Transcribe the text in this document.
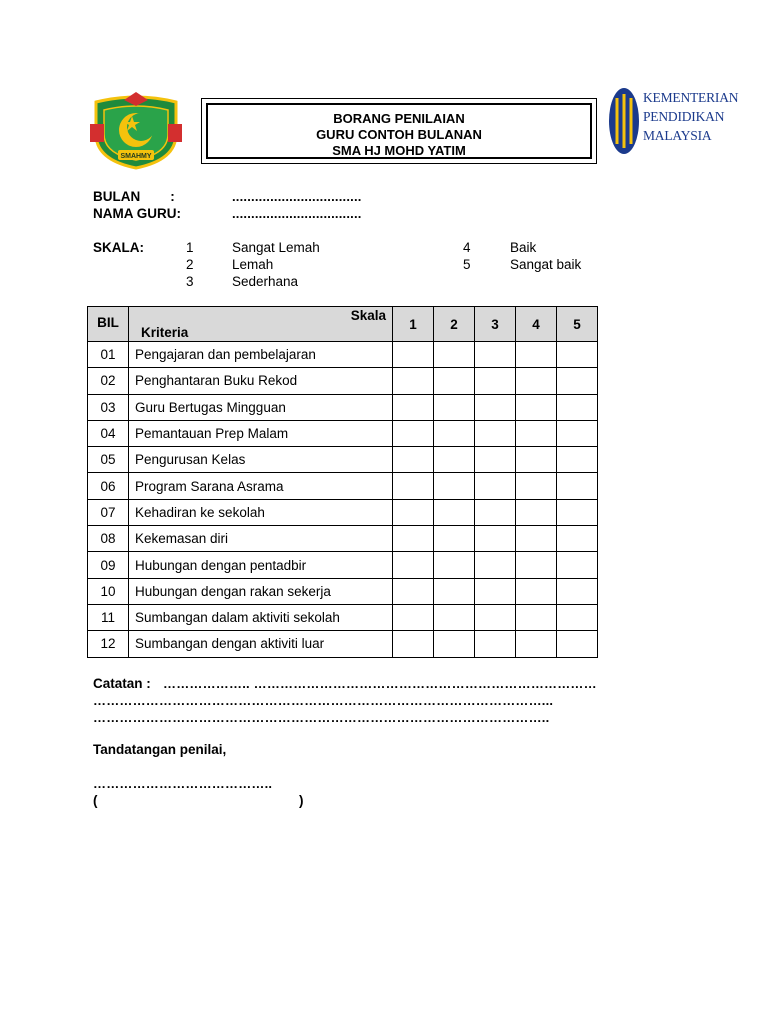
SMAHMY
BORANG PENILAIAN
GURU CONTOH BULANAN
SMA HJ MOHD YATIM
KEMENTERIAN
PENDIDIKAN
MALAYSIA
BULAN        :	..................................
NAMA GURU:	..................................
SKALA:	1	Sangat Lemah
2	Lemah
3	Sederhana
4	Baik
5	Sangat baik
BIL	Skala
Kriteria	1	2	3	4	5
01	Pengajaran dan pembelajaran					
02	Penghantaran Buku Rekod					
03	Guru Bertugas Mingguan					
04	Pemantauan Prep Malam					
05	Pengurusan Kelas					
06	Program Sarana Asrama					
07	Kehadiran ke sekolah					
08	Kekemasan diri					
09	Hubungan dengan pentadbir					
10	Hubungan dengan rakan sekerja					
11	Sumbangan dalam aktiviti sekolah					
12	Sumbangan dengan aktiviti luar					
Catatan : ……………….. ……………………………………………………………………
…………………………………………………………………………………………...
…………………………………………………………………………………………..
Tandatangan penilai,
…………………………………..
(	)
